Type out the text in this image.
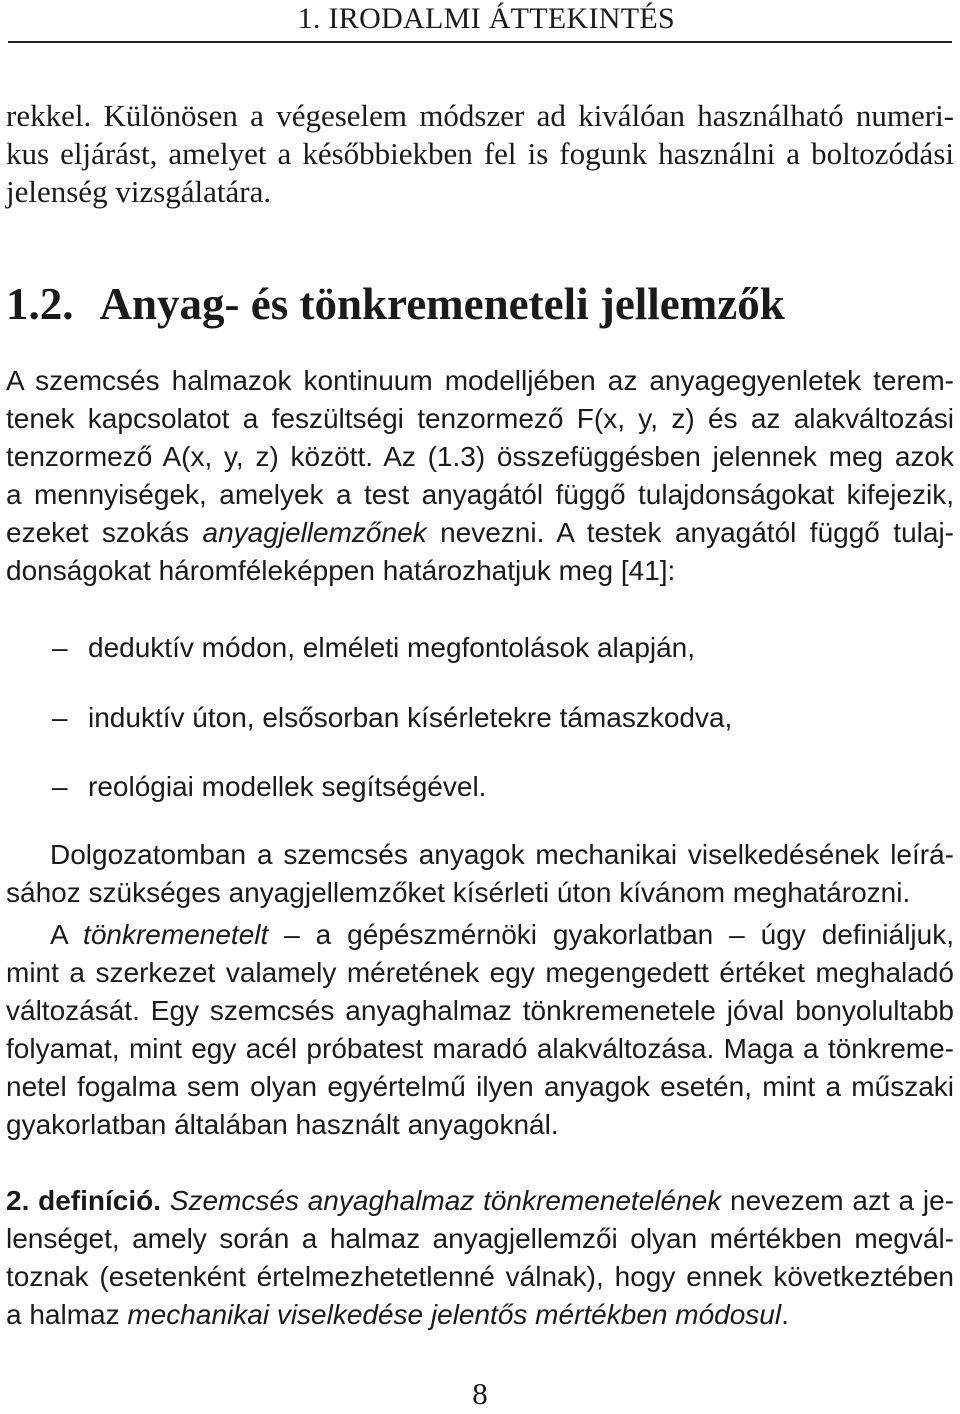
1. IRODALMI ÁTTEKINTÉS
rekkel. Különösen a végeselem módszer ad kiválóan használható numeri-
kus eljárást, amelyet a későbbiekben fel is fogunk használni a boltozódási
jelenség vizsgálatára.
1.2. Anyag- és tönkremeneteli jellemzők
A szemcsés halmazok kontinuum modelljében az anyagegyenletek terem-
tenek kapcsolatot a feszültségi tenzormező F(x, y, z) és az alakváltozási
tenzormező A(x, y, z) között. Az (1.3) összefüggésben jelennek meg azok
a mennyiségek, amelyek a test anyagától függő tulajdonságokat kifejezik,
ezeket szokás anyagjellemzőnek nevezni. A testek anyagától függő tulaj-
donságokat háromféleképpen határozhatjuk meg [41]:
– deduktív módon, elméleti megfontolások alapján,
– induktív úton, elsősorban kísérletekre támaszkodva,
– reológiai modellek segítségével.
Dolgozatomban a szemcsés anyagok mechanikai viselkedésének leírá-
sához szükséges anyagjellemzőket kísérleti úton kívánom meghatározni.
A tönkremenetelt – a gépészmérnöki gyakorlatban – úgy definiáljuk,
mint a szerkezet valamely méretének egy megengedett értéket meghaladó
változását. Egy szemcsés anyaghalmaz tönkremenetele jóval bonyolultabb
folyamat, mint egy acél próbatest maradó alakváltozása. Maga a tönkreme-
netel fogalma sem olyan egyértelmű ilyen anyagok esetén, mint a műszaki
gyakorlatban általában használt anyagoknál.
2. definíció. Szemcsés anyaghalmaz tönkremenetelének nevezem azt a je-
lenséget, amely során a halmaz anyagjellemzői olyan mértékben megvál-
toznak (esetenként értelmezhetetlenné válnak), hogy ennek következtében
a halmaz mechanikai viselkedése jelentős mértékben módosul.
8
